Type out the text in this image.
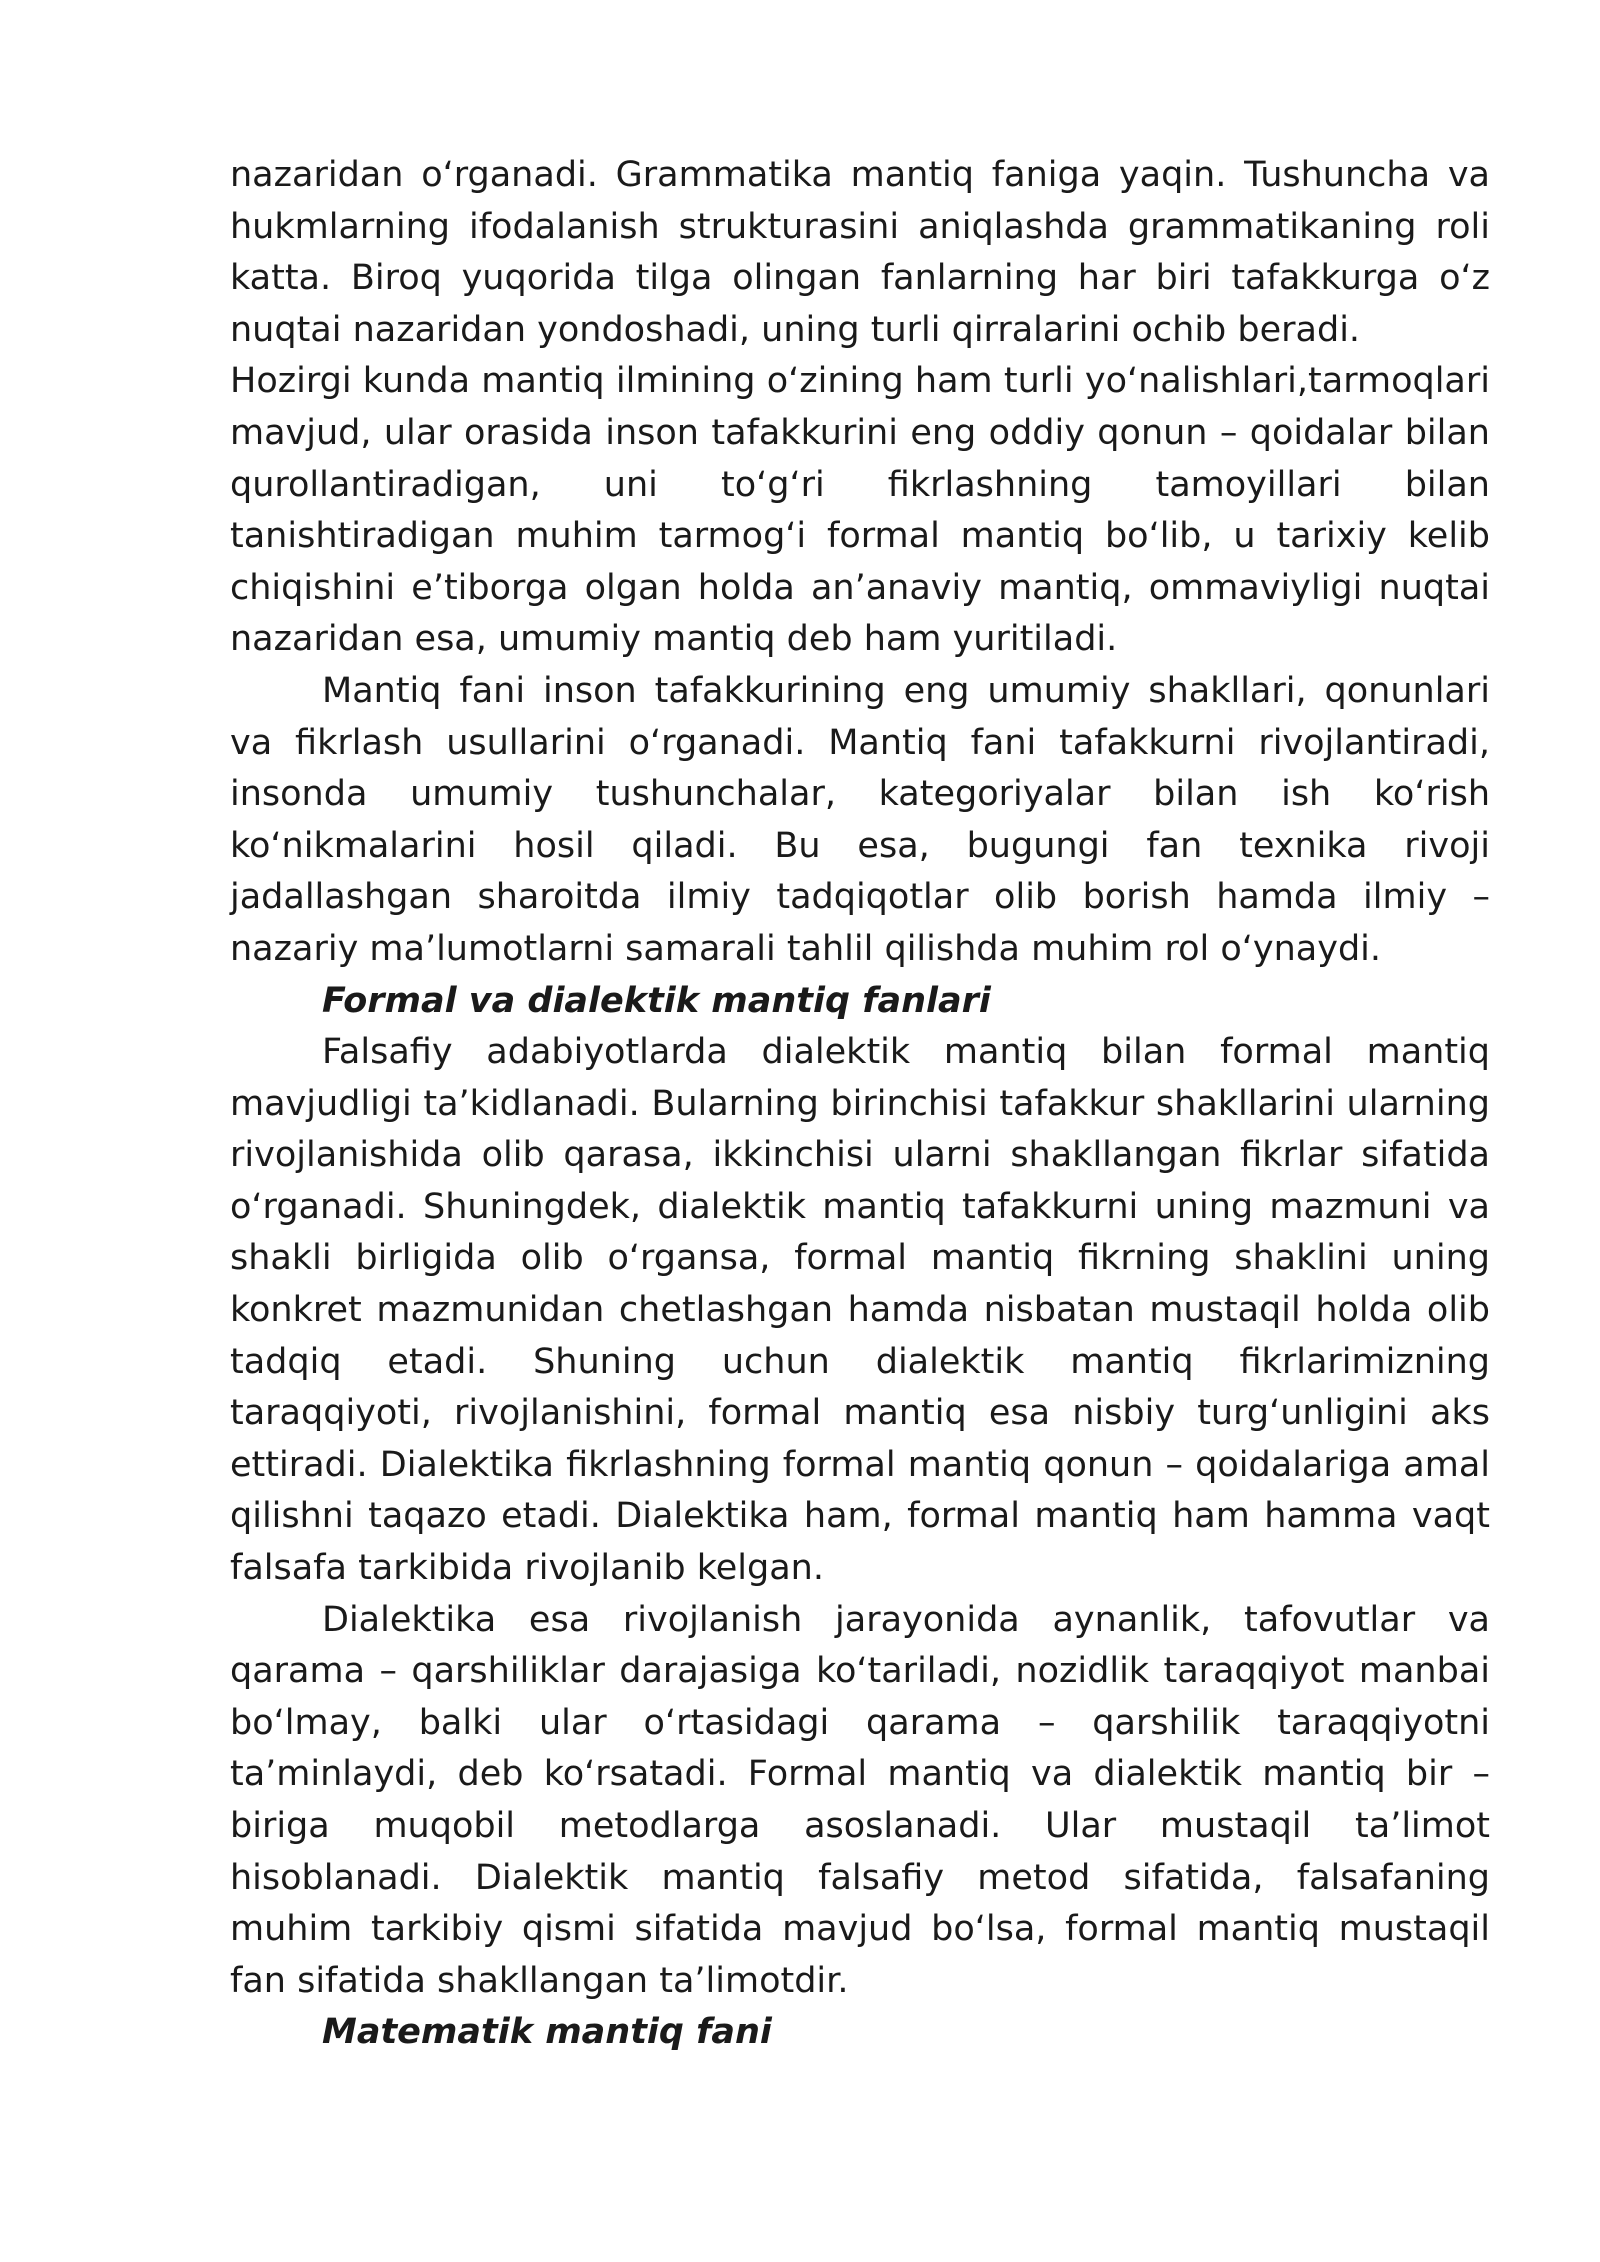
nazaridan o‘rganadi. Grammatika mantiq faniga yaqin. Tushuncha va hukmlarning ifodalanish strukturasini aniqlashda grammatikaning roli katta. Biroq yuqorida tilga olingan fanlarning har biri tafakkurga o‘z nuqtai nazaridan yondoshadi, uning turli qirralarini ochib beradi.

Hozirgi kunda mantiq ilmining o‘zining ham turli yo‘nalishlari,tarmoqlari mavjud, ular orasida inson tafakkurini eng oddiy qonun – qoidalar bilan qurollantiradigan, uni to‘g‘ri fikrlashning tamoyillari bilan tanishtiradigan muhim tarmog‘i formal mantiq bo‘lib, u tarixiy kelib chiqishini e’tiborga olgan holda an’anaviy mantiq, ommaviyligi nuqtai nazaridan esa, umumiy mantiq deb ham yuritiladi.

Mantiq fani inson tafakkurining eng umumiy shakllari, qonunlari va fikrlash usullarini o‘rganadi. Mantiq fani tafakkurni rivojlantiradi, insonda umumiy tushunchalar, kategoriyalar bilan ish ko‘rish ko‘nikmalarini hosil qiladi. Bu esa, bugungi fan texnika rivoji jadallashgan sharoitda ilmiy tadqiqotlar olib borish hamda ilmiy – nazariy ma’lumotlarni samarali tahlil qilishda muhim rol o‘ynaydi.

Formal va dialektik mantiq fanlari

Falsafiy adabiyotlarda dialektik mantiq bilan formal mantiq mavjudligi ta’kidlanadi. Bularning birinchisi tafakkur shakllarini ularning rivojlanishida olib qarasa, ikkinchisi ularni shakllangan fikrlar sifatida o‘rganadi. Shuningdek, dialektik mantiq tafakkurni uning mazmuni va shakli birligida olib o‘rgansa, formal mantiq fikrning shaklini uning konkret mazmunidan chetlashgan hamda nisbatan mustaqil holda olib tadqiq etadi. Shuning uchun dialektik mantiq fikrlarimizning taraqqiyoti, rivojlanishini, formal mantiq esa nisbiy turg‘unligini aks ettiradi. Dialektika fikrlashning formal mantiq qonun – qoidalariga amal qilishni taqazo etadi. Dialektika ham, formal mantiq ham hamma vaqt falsafa tarkibida rivojlanib kelgan.

Dialektika esa rivojlanish jarayonida aynanlik, tafovutlar va qarama – qarshiliklar darajasiga ko‘tariladi, nozidlik taraqqiyot manbai bo‘lmay, balki ular o‘rtasidagi qarama – qarshilik taraqqiyotni ta’minlaydi, deb ko‘rsatadi. Formal mantiq va dialektik mantiq bir – biriga muqobil metodlarga asoslanadi. Ular mustaqil ta’limot hisoblanadi. Dialektik mantiq falsafiy metod sifatida, falsafaning muhim tarkibiy qismi sifatida mavjud bo‘lsa, formal mantiq mustaqil fan sifatida shakllangan ta’limotdir.

Matematik mantiq fani
